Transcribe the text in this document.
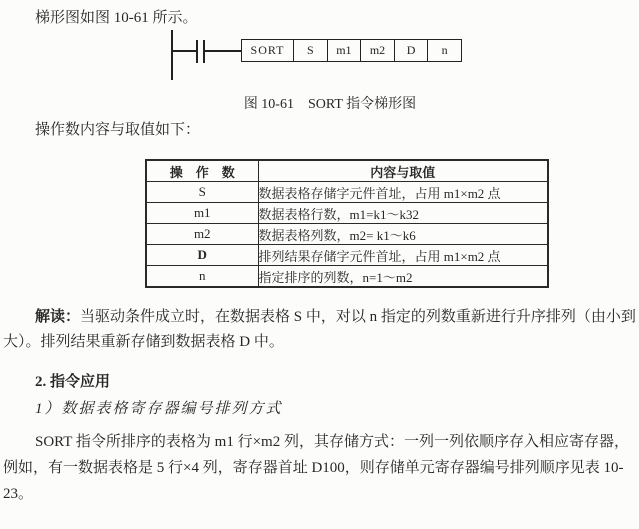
梯形图如图 10-61 所示。
SORT	S	m1	m2	D	n
图 10-61　SORT 指令梯形图
操作数内容与取值如下：
操　作　数	内容与取值
S	数据表格存储字元件首址，占用 m1×m2 点
m1	数据表格行数，m1=k1～k32
m2	数据表格列数，m2= k1～k6
D	排列结果存储字元件首址，占用 m1×m2 点
n	指定排序的列数，n=1～m2
解读：当驱动条件成立时，在数据表格 S 中，对以 n 指定的列数重新进行升序排列（由小到大）。排列结果重新存储到数据表格 D 中。
2. 指令应用
1）数据表格寄存器编号排列方式
SORT 指令所排序的表格为 m1 行×m2 列，其存储方式：一列一列依顺序存入相应寄存器，例如，有一数据表格是 5 行×4 列，寄存器首址 D100，则存储单元寄存器编号排列顺序见表 10-23。
